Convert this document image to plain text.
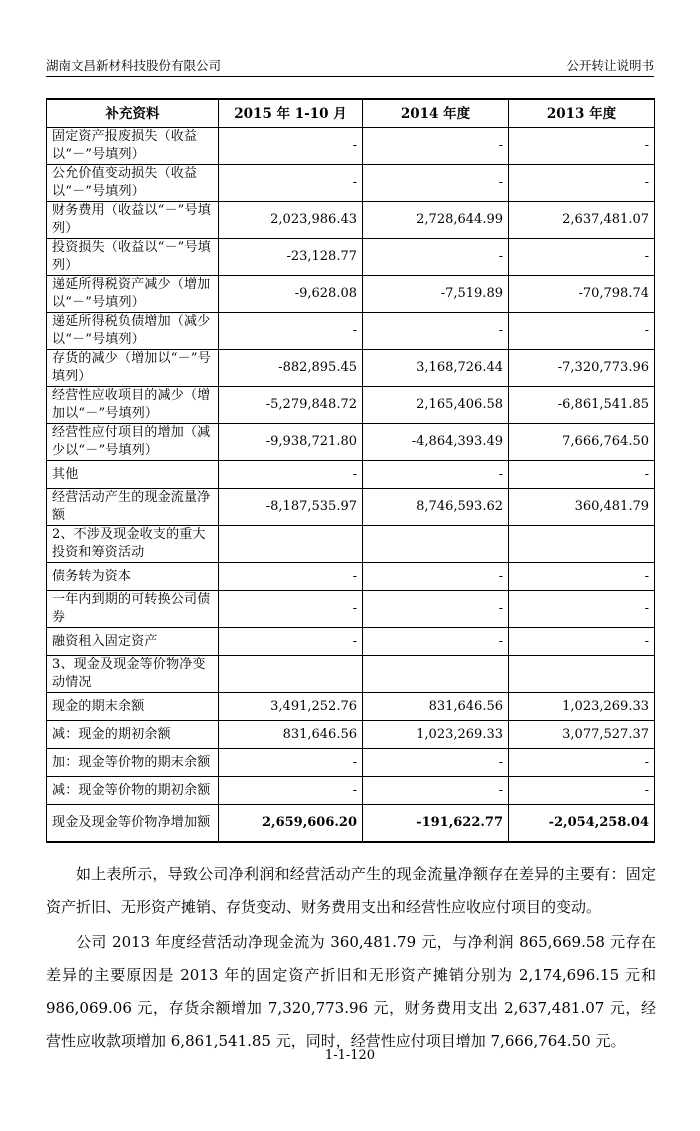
湖南文昌新材科技股份有限公司	公开转让说明书
补充资料	2015 年 1-10 月	2014 年度	2013 年度
固定资产报废损失（收益以“－”号填列）	-	-	-
公允价值变动损失（收益以“－”号填列）	-	-	-
财务费用（收益以“－”号填列）	2,023,986.43	2,728,644.99	2,637,481.07
投资损失（收益以“－”号填列）	-23,128.77	-	-
递延所得税资产减少（增加以“－”号填列）	-9,628.08	-7,519.89	-70,798.74
递延所得税负债增加（减少以“－”号填列）	-	-	-
存货的减少（增加以“－”号填列）	-882,895.45	3,168,726.44	-7,320,773.96
经营性应收项目的减少（增加以“－”号填列）	-5,279,848.72	2,165,406.58	-6,861,541.85
经营性应付项目的增加（减少以“－”号填列）	-9,938,721.80	-4,864,393.49	7,666,764.50
其他	-	-	-
经营活动产生的现金流量净额	-8,187,535.97	8,746,593.62	360,481.79
2、不涉及现金收支的重大投资和筹资活动			
债务转为资本	-	-	-
一年内到期的可转换公司债券	-	-	-
融资租入固定资产	-	-	-
3、现金及现金等价物净变动情况			
现金的期末余额	3,491,252.76	831,646.56	1,023,269.33
减：现金的期初余额	831,646.56	1,023,269.33	3,077,527.37
加：现金等价物的期末余额	-	-	-
减：现金等价物的期初余额	-	-	-
现金及现金等价物净增加额	2,659,606.20	-191,622.77	-2,054,258.04
如上表所示，导致公司净利润和经营活动产生的现金流量净额存在差异的主要有：固定资产折旧、无形资产摊销、存货变动、财务费用支出和经营性应收应付项目的变动。
公司 2013 年度经营活动净现金流为 360,481.79 元，与净利润 865,669.58 元存在差异的主要原因是 2013 年的固定资产折旧和无形资产摊销分别为 2,174,696.15 元和 986,069.06 元，存货余额增加 7,320,773.96 元，财务费用支出 2,637,481.07 元，经营性应收款项增加 6,861,541.85 元，同时，经营性应付项目增加 7,666,764.50 元。
1-1-120
